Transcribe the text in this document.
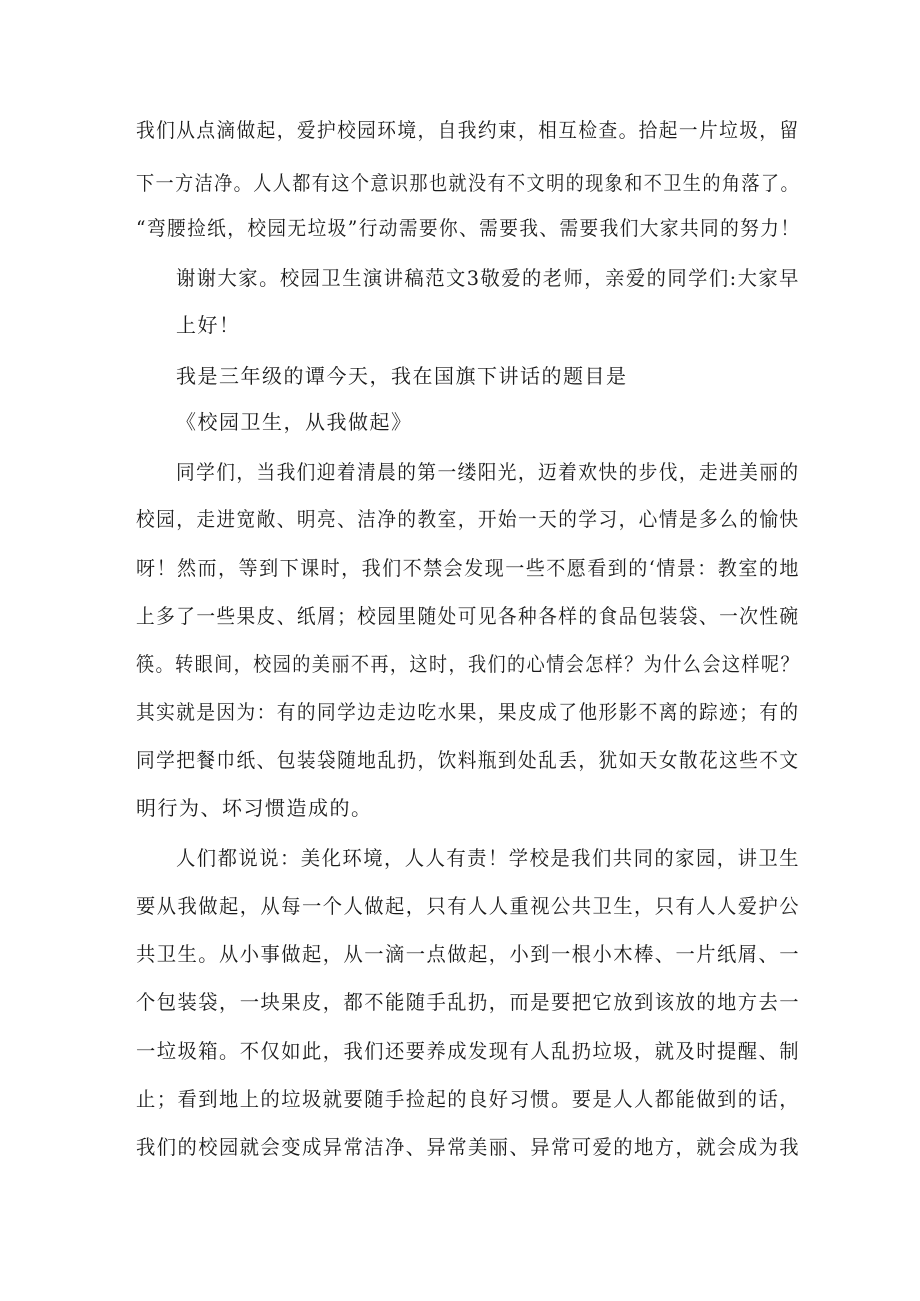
我们从点滴做起，爱护校园环境，自我约束，相互检查。拾起一片垃圾，留
下一方洁净。人人都有这个意识那也就没有不文明的现象和不卫生的角落了。
“弯腰捡纸，校园无垃圾”行动需要你、需要我、需要我们大家共同的努力！
谢谢大家。校园卫生演讲稿范文3敬爱的老师，亲爱的同学们:大家早
上好！
我是三年级的谭今天，我在国旗下讲话的题目是
《校园卫生，从我做起》
同学们，当我们迎着清晨的第一缕阳光，迈着欢快的步伐，走进美丽的
校园，走进宽敞、明亮、洁净的教室，开始一天的学习，心情是多么的愉快
呀！然而，等到下课时，我们不禁会发现一些不愿看到的‘情景：教室的地
上多了一些果皮、纸屑；校园里随处可见各种各样的食品包装袋、一次性碗
筷。转眼间，校园的美丽不再，这时，我们的心情会怎样？为什么会这样呢？
其实就是因为：有的同学边走边吃水果，果皮成了他形影不离的踪迹；有的
同学把餐巾纸、包装袋随地乱扔，饮料瓶到处乱丢，犹如天女散花这些不文
明行为、坏习惯造成的。
人们都说说：美化环境，人人有责！学校是我们共同的家园，讲卫生
要从我做起，从每一个人做起，只有人人重视公共卫生，只有人人爱护公
共卫生。从小事做起，从一滴一点做起，小到一根小木棒、一片纸屑、一
个包装袋，一块果皮，都不能随手乱扔，而是要把它放到该放的地方去一
一垃圾箱。不仅如此，我们还要养成发现有人乱扔垃圾，就及时提醒、制
止；看到地上的垃圾就要随手捡起的良好习惯。要是人人都能做到的话，
我们的校园就会变成异常洁净、异常美丽、异常可爱的地方，就会成为我
